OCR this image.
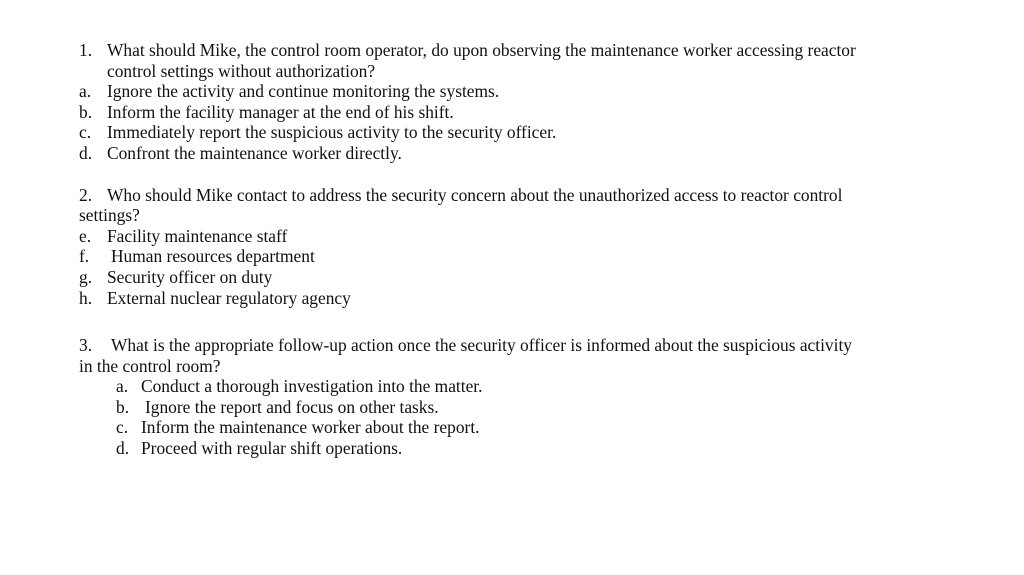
1. What should Mike, the control room operator, do upon observing the maintenance worker accessing reactor
control settings without authorization?
a. Ignore the activity and continue monitoring the systems.
b. Inform the facility manager at the end of his shift.
c. Immediately report the suspicious activity to the security officer.
d. Confront the maintenance worker directly.
2. Who should Mike contact to address the security concern about the unauthorized access to reactor control
settings?
e. Facility maintenance staff
f. Human resources department
g. Security officer on duty
h. External nuclear regulatory agency
3. What is the appropriate follow-up action once the security officer is informed about the suspicious activity
in the control room?
a. Conduct a thorough investigation into the matter.
b. Ignore the report and focus on other tasks.
c. Inform the maintenance worker about the report.
d. Proceed with regular shift operations.
